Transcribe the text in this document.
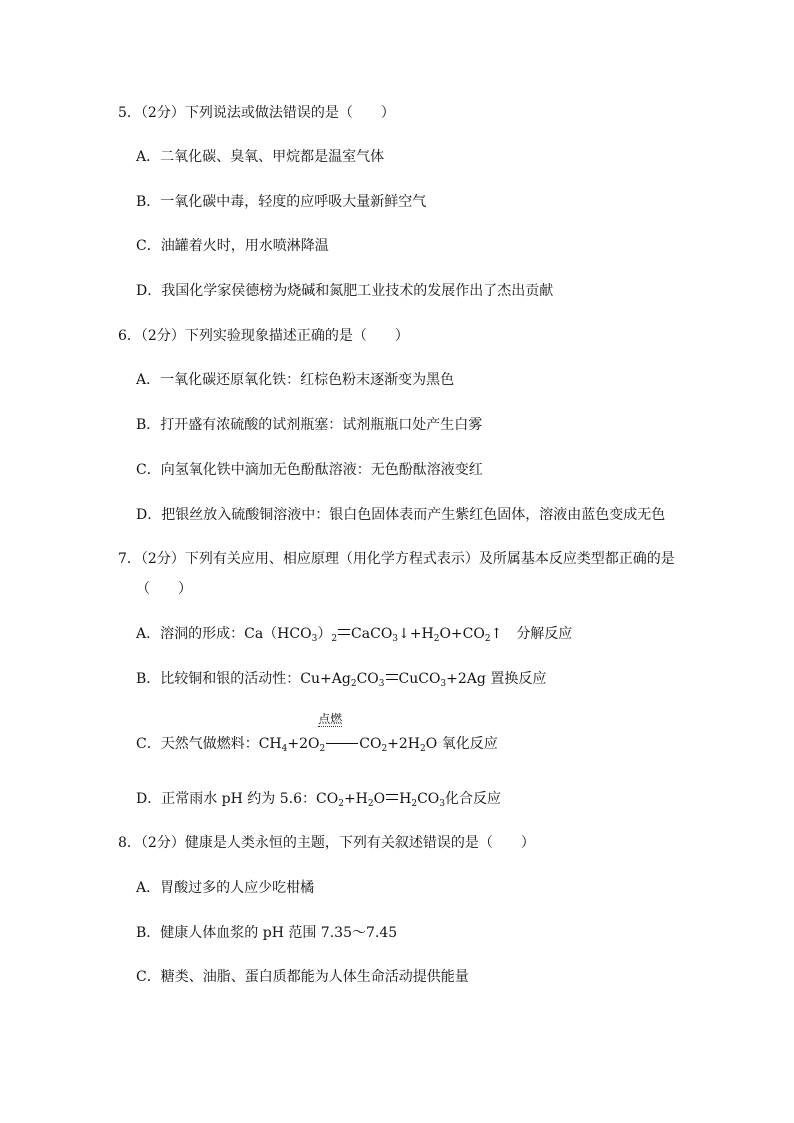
5．（2分）下列说法或做法错误的是（　　）
A．二氧化碳、臭氧、甲烷都是温室气体
B．一氧化碳中毒，轻度的应呼吸大量新鲜空气
C．油罐着火时，用水喷淋降温
D．我国化学家侯德榜为烧碱和氮肥工业技术的发展作出了杰出贡献
6．（2分）下列实验现象描述正确的是（　　）
A．一氧化碳还原氧化铁：红棕色粉末逐渐变为黑色
B．打开盛有浓硫酸的试剂瓶塞：试剂瓶瓶口处产生白雾
C．向氢氧化铁中滴加无色酚酞溶液：无色酚酞溶液变红
D．把银丝放入硫酸铜溶液中：银白色固体表而产生紫红色固体，溶液由蓝色变成无色
7．（2分）下列有关应用、相应原理（用化学方程式表示）及所属基本反应类型都正确的是
（　　）
A．溶洞的形成：$Ca(HCO_3)_2$ $CaCO_3↓+H_2O+CO_2↑$ 分解反应
B．比较铜和银的活动性：$Cu+Ag_2CO_3$ CuCO$_3$+2Ag 置换反应
C．天然气做燃料：$CH_4+2O_2$
点燃
$CO_2+2H_2O$ 氧化反应
D．正常雨水 pH 约为 5.6：$CO_2+H_2O$ $H_2CO_3$化合反应
8．（2分）健康是人类永恒的主题，下列有关叙述错误的是（　　）
A．胃酸过多的人应少吃柑橘
B．健康人体血浆的 pH 范围 7.35～7.45
C．糖类、油脂、蛋白质都能为人体生命活动提供能量
